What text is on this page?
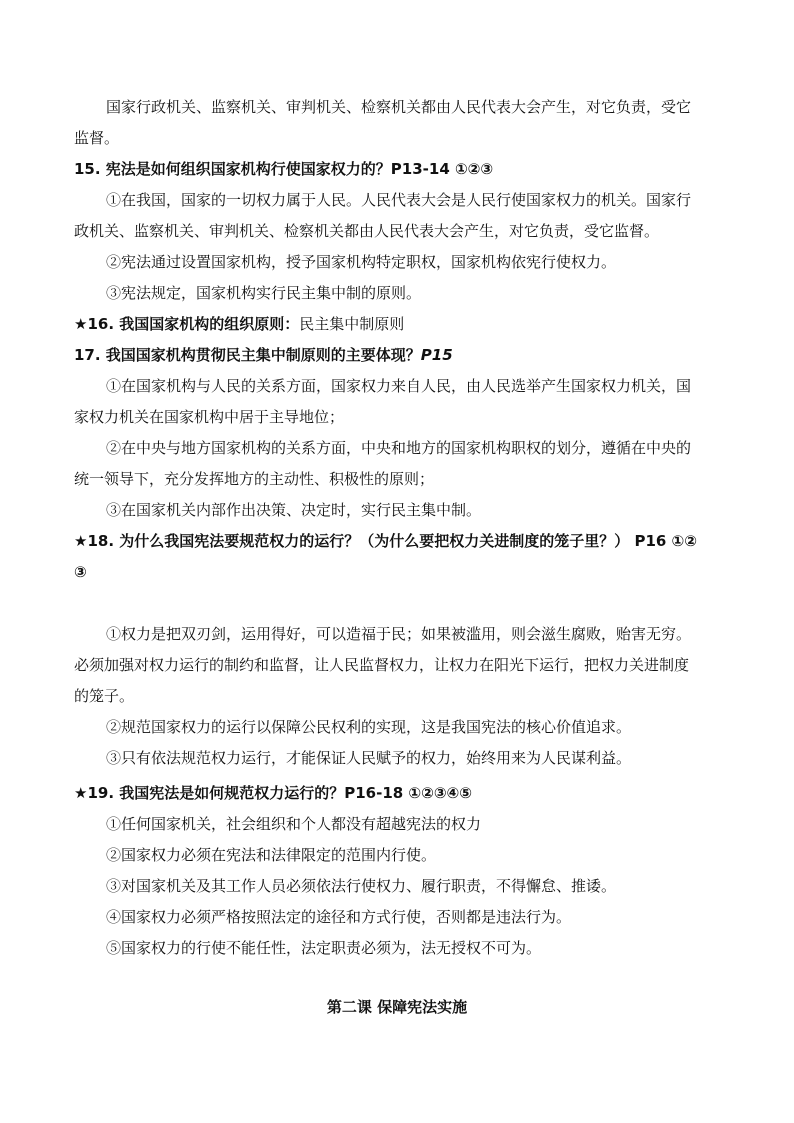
国家行政机关、监察机关、审判机关、检察机关都由人民代表大会产生，对它负责，受它
监督。
15. 宪法是如何组织国家机构行使国家权力的？P13-14 ①②③
①在我国，国家的一切权力属于人民。人民代表大会是人民行使国家权力的机关。国家行
政机关、监察机关、审判机关、检察机关都由人民代表大会产生，对它负责，受它监督。
②宪法通过设置国家机构，授予国家机构特定职权，国家机构依宪行使权力。
③宪法规定，国家机构实行民主集中制的原则。
★16. 我国国家机构的组织原则：民主集中制原则
17. 我国国家机构贯彻民主集中制原则的主要体现？P15
①在国家机构与人民的关系方面，国家权力来自人民，由人民选举产生国家权力机关，国
家权力机关在国家机构中居于主导地位；
②在中央与地方国家机构的关系方面，中央和地方的国家机构职权的划分，遵循在中央的
统一领导下，充分发挥地方的主动性、积极性的原则；
③在国家机关内部作出决策、决定时，实行民主集中制。
★18. 为什么我国宪法要规范权力的运行？（为什么要把权力关进制度的笼子里？） P16 ①②
③
①权力是把双刃剑，运用得好，可以造福于民；如果被滥用，则会滋生腐败，贻害无穷。
必须加强对权力运行的制约和监督，让人民监督权力，让权力在阳光下运行，把权力关进制度
的笼子。
②规范国家权力的运行以保障公民权利的实现，这是我国宪法的核心价值追求。
③只有依法规范权力运行，才能保证人民赋予的权力，始终用来为人民谋利益。
★19. 我国宪法是如何规范权力运行的？P16-18 ①②③④⑤
①任何国家机关，社会组织和个人都没有超越宪法的权力
②国家权力必须在宪法和法律限定的范围内行使。
③对国家机关及其工作人员必须依法行使权力、履行职责，不得懈怠、推诿。
④国家权力必须严格按照法定的途径和方式行使，否则都是违法行为。
⑤国家权力的行使不能任性，法定职责必须为，法无授权不可为。
第二课 保障宪法实施
